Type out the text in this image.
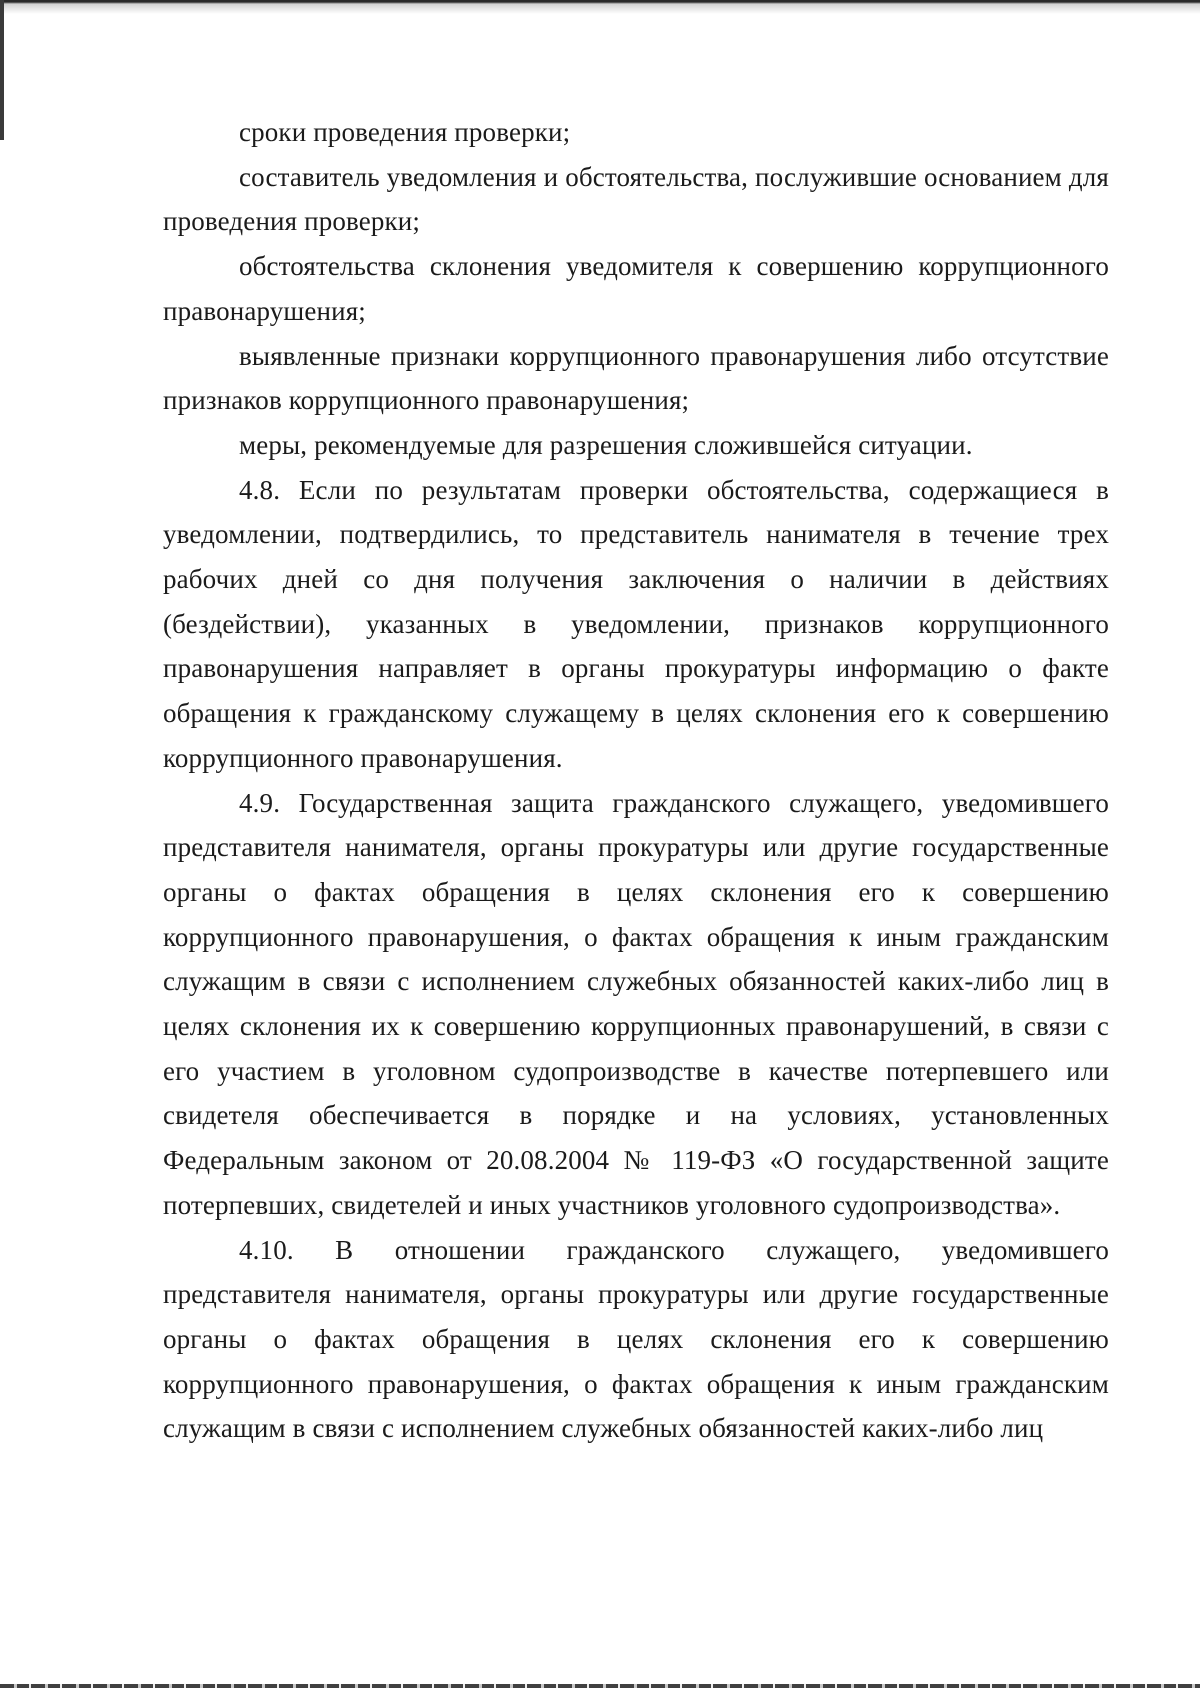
сроки проведения проверки;

составитель уведомления и обстоятельства, послужившие основанием для проведения проверки;

обстоятельства склонения уведомителя к совершению коррупционного правонарушения;

выявленные признаки коррупционного правонарушения либо отсутствие признаков коррупционного правонарушения;

меры, рекомендуемые для разрешения сложившейся ситуации.

4.8. Если по результатам проверки обстоятельства, содержащиеся в уведомлении, подтвердились, то представитель нанимателя в течение трех рабочих дней со дня получения заключения о наличии в действиях (бездействии), указанных в уведомлении, признаков коррупционного правонарушения направляет в органы прокуратуры информацию о факте обращения к гражданскому служащему в целях склонения его к совершению коррупционного правонарушения.

4.9. Государственная защита гражданского служащего, уведомившего представителя нанимателя, органы прокуратуры или другие государственные органы о фактах обращения в целях склонения его к совершению коррупционного правонарушения, о фактах обращения к иным гражданским служащим в связи с исполнением служебных обязанностей каких-либо лиц в целях склонения их к совершению коррупционных правонарушений, в связи с его участием в уголовном судопроизводстве в качестве потерпевшего или свидетеля обеспечивается в порядке и на условиях, установленных Федеральным законом от 20.08.2004 № 119-ФЗ «О государственной защите потерпевших, свидетелей и иных участников уголовного судопроизводства».

4.10. В отношении гражданского служащего, уведомившего представителя нанимателя, органы прокуратуры или другие государственные органы о фактах обращения в целях склонения его к совершению коррупционного правонарушения, о фактах обращения к иным гражданским служащим в связи с исполнением служебных обязанностей каких-либо лиц
